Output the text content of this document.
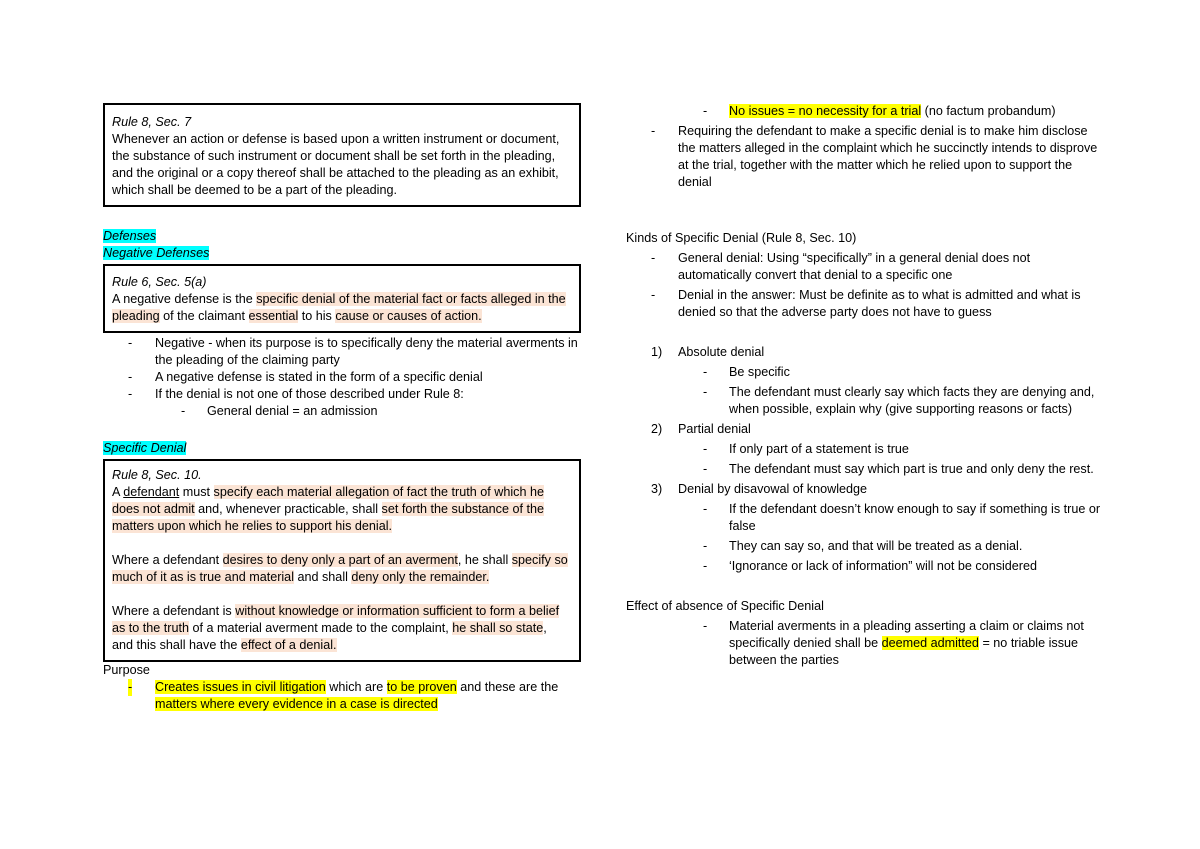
Rule 8, Sec. 7

Whenever an action or defense is based upon a written instrument or document, the substance of such instrument or document shall be set forth in the pleading, and the original or a copy thereof shall be attached to the pleading as an exhibit, which shall be deemed to be a part of the pleading.

Defenses
Negative Defenses

Rule 6, Sec. 5(a)

A negative defense is the specific denial of the material fact or facts alleged in the pleading of the claimant essential to his cause or causes of action.

- Negative - when its purpose is to specifically deny the material averments in the pleading of the claiming party
- A negative defense is stated in the form of a specific denial
- If the denial is not one of those described under Rule 8:
- General denial = an admission
Specific Denial

Rule 8, Sec. 10.

A defendant must specify each material allegation of fact the truth of which he does not admit and, whenever practicable, shall set forth the substance of the matters upon which he relies to support his denial.

Where a defendant desires to deny only a part of an averment, he shall specify so much of it as is true and material and shall deny only the remainder.

Where a defendant is without knowledge or information sufficient to form a belief as to the truth of a material averment made to the complaint, he shall so state, and this shall have the effect of a denial.

Purpose
- Creates issues in civil litigation which are to be proven and these are the matters where every evidence in a case is directed
- No issues = no necessity for a trial (no factum probandum)
- Requiring the defendant to make a specific denial is to make him disclose the matters alleged in the complaint which he succinctly intends to disprove at the trial, together with the matter which he relied upon to support the denial
Kinds of Specific Denial (Rule 8, Sec. 10)
- General denial: Using “specifically” in a general denial does not automatically convert that denial to a specific one
- Denial in the answer: Must be definite as to what is admitted and what is denied so that the adverse party does not have to guess
1) Absolute denial
- Be specific
- The defendant must clearly say which facts they are denying and, when possible, explain why (give supporting reasons or facts)
2) Partial denial
- If only part of a statement is true
- The defendant must say which part is true and only deny the rest.
3) Denial by disavowal of knowledge
- If the defendant doesn’t know enough to say if something is true or false
- They can say so, and that will be treated as a denial.
- ‘Ignorance or lack of information” will not be considered
Effect of absence of Specific Denial
- Material averments in a pleading asserting a claim or claims not specifically denied shall be deemed admitted = no triable issue between the parties
